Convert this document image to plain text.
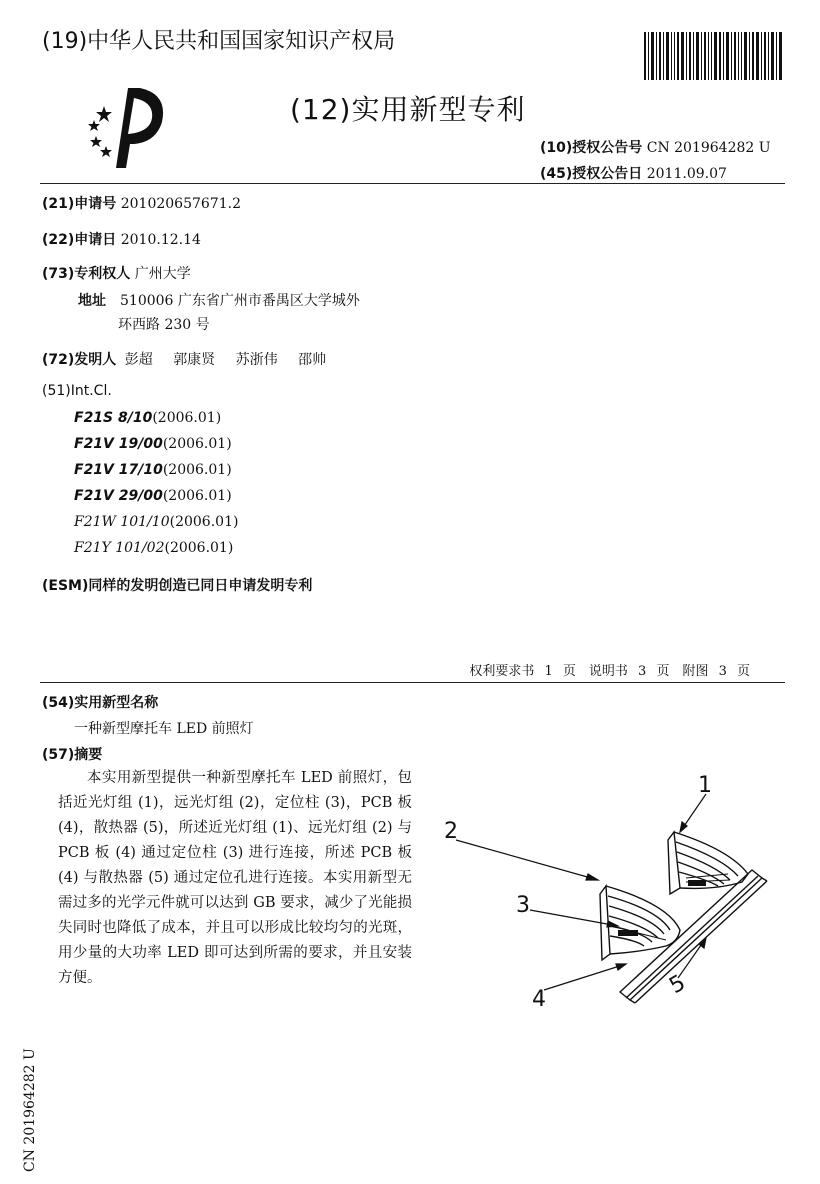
(19)中华人民共和国国家知识产权局
(12)实用新型专利
(10)授权公告号 CN 201964282 U
(45)授权公告日 2011.09.07
(21)申请号 201020657671.2
(22)申请日 2010.12.14
(73)专利权人 广州大学
地址 510006 广东省广州市番禺区大学城外
环西路 230 号
(72)发明人 彭超 郭康贤 苏浙伟 邵帅
(51)Int.Cl.
F21S 8/10(2006.01)
F21V 19/00(2006.01)
F21V 17/10(2006.01)
F21V 29/00(2006.01)
F21W 101/10(2006.01)
F21Y 101/02(2006.01)
(ESM)同样的发明创造已同日申请发明专利
权利要求书 1 页　说明书 3 页　附图 3 页
(54)实用新型名称
一种新型摩托车 LED 前照灯
(57)摘要

本实用新型提供一种新型摩托车 LED 前照灯，包括近光灯组 (1)，远光灯组 (2)，定位柱 (3)，PCB 板 (4)，散热器 (5)，所述近光灯组 (1)、远光灯组 (2) 与 PCB 板 (4) 通过定位柱 (3) 进行连接，所述 PCB 板 (4) 与散热器 (5) 通过定位孔进行连接。本实用新型无需过多的光学元件就可以达到 GB 要求，减少了光能损失同时也降低了成本，并且可以形成比较均匀的光斑，用少量的大功率 LED 即可达到所需的要求，并且安装方便。

1
2
3
4
5
CN 201964282 U
